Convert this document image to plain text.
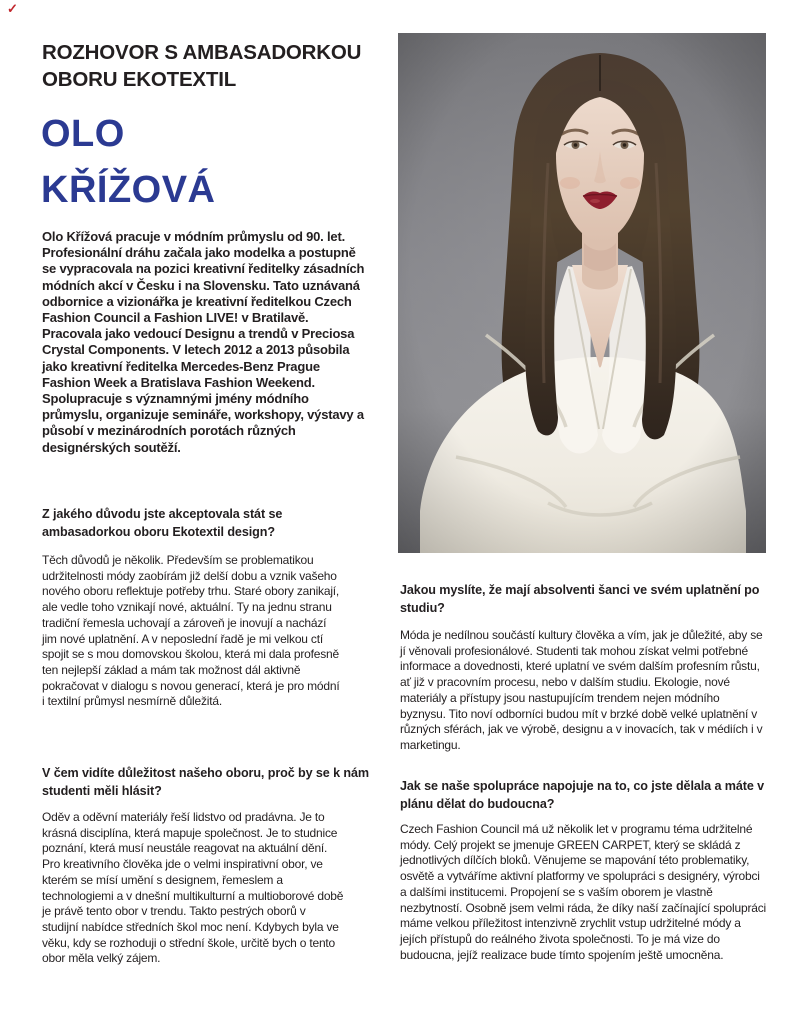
✓
ROZHOVOR S AMBASADORKOU
OBORU EKOTEXTIL
OLO
KŘÍŽOVÁ

Olo Křížová pracuje v módním průmyslu od 90. let. Profesionální dráhu začala jako modelka a postupně se vypracovala na pozici kreativní ředitelky zásadních módních akcí v Česku i na Slovensku. Tato uznávaná odbornice a vizionářka je kreativní ředitelkou Czech Fashion Council a Fashion LIVE! v Bratilavě. Pracovala jako vedoucí Designu a trendů v Preciosa Crystal Components. V letech 2012 a 2013 působila jako kreativní ředitelka Mercedes-Benz Prague Fashion Week a Bratislava Fashion Weekend. Spolupracuje s významnými jmény módního průmyslu, organizuje semináře, workshopy, výstavy a působí v mezinárodních porotách různých designérských soutěží.

Z jakého důvodu jste akceptovala stát se ambasadorkou oboru Ekotextil design?

Těch důvodů je několik. Především se problematikou udržitelnosti módy zaobírám již delší dobu a vznik vašeho nového oboru reflektuje potřeby trhu. Staré obory zanikají, ale vedle toho vznikají nové, aktuální. Ty na jednu stranu tradiční řemesla uchovají a zároveň je inovují a nachází jim nové uplatnění. A v neposlední řadě je mi velkou ctí spojit se s mou domovskou školou, která mi dala profesně ten nejlepší základ a mám tak možnost dál aktivně pokračovat v dialogu s novou generací, která je pro módní i textilní průmysl nesmírně důležitá.

V čem vidíte důležitost našeho oboru, proč by se k nám studenti měli hlásit?

Oděv a oděvní materiály řeší lidstvo od pradávna. Je to krásná disciplína, která mapuje společnost. Je to studnice poznání, která musí neustále reagovat na aktuální dění. Pro kreativního člověka jde o velmi inspirativní obor, ve kterém se mísí umění s designem, řemeslem a technologiemi a v dnešní multikulturní a multioborové době je právě tento obor v trendu. Takto pestrých oborů v studijní nabídce středních škol moc není. Kdybych byla ve věku, kdy se rozhoduji o střední škole, určitě bych o tento obor měla velký zájem.

Jakou myslíte, že mají absolventi šanci ve svém uplatnění po studiu?

Móda je nedílnou součástí kultury člověka a vím, jak je důležité, aby se jí věnovali profesionálové. Studenti tak mohou získat velmi potřebné informace a dovednosti, které uplatní ve svém dalším profesním růstu, ať již v pracovním procesu, nebo v dalším studiu. Ekologie, nové materiály a přístupy jsou nastupujícím trendem nejen módního byznysu. Tito noví odborníci budou mít v brzké době velké uplatnění v různých sférách, jak ve výrobě, designu a v inovacích, tak v médiích i v marketingu.

Jak se naše spolupráce napojuje na to, co jste dělala a máte v plánu dělat do budoucna?

Czech Fashion Council má už několik let v programu téma udržitelné módy. Celý projekt se jmenuje GREEN CARPET, který se skládá z jednotlivých dílčích bloků. Věnujeme se mapování této problematiky, osvětě a vytváříme aktivní platformy ve spolupráci s designéry, výrobci a dalšími institucemi. Propojení se s vaším oborem je vlastně nezbytností. Osobně jsem velmi ráda, že díky naší začínající spolupráci máme velkou příležitost intenzivně zrychlit vstup udržitelné módy a jejích přístupů do reálného života společnosti. To je má vize do budoucna, jejíž realizace bude tímto spojením ještě umocněna.
